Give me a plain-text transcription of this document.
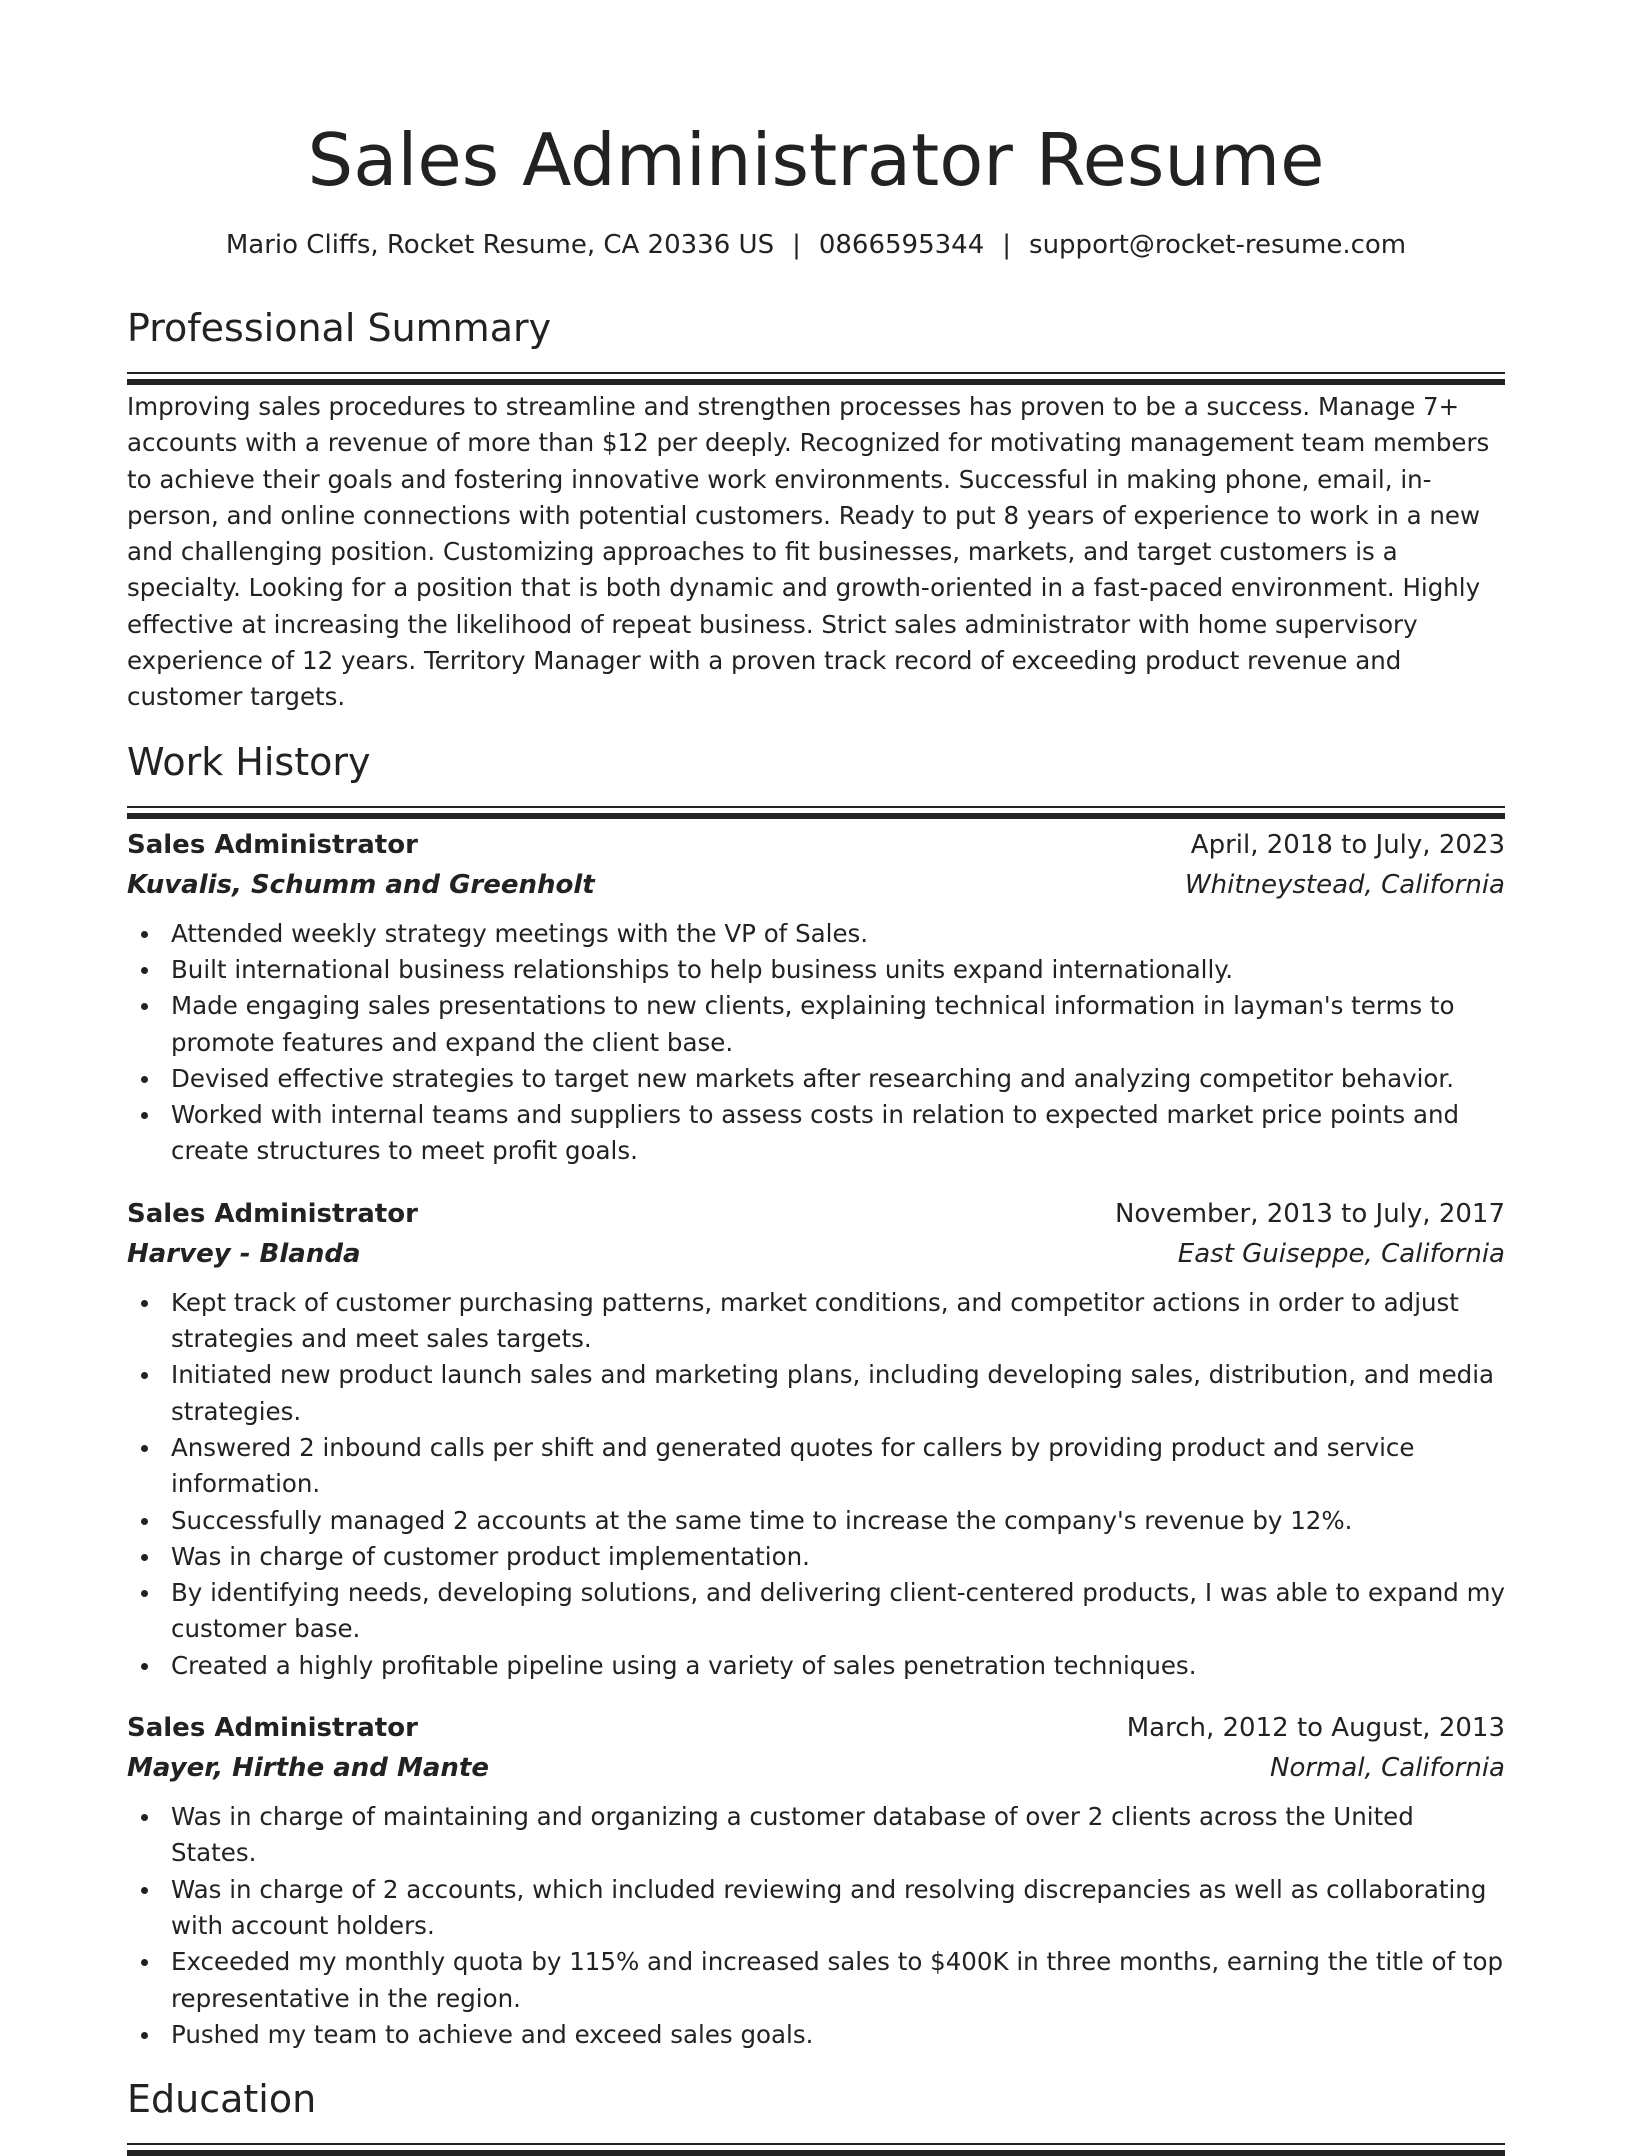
Sales Administrator Resume
Mario Cliffs, Rocket Resume, CA 20336 US | 0866595344 | support@rocket-resume.com
Professional Summary

Improving sales procedures to streamline and strengthen processes has proven to be a success. Manage 7+ accounts with a revenue of more than $12 per deeply. Recognized for motivating management team members to achieve their goals and fostering innovative work environments. Successful in making phone, email, in-person, and online connections with potential customers. Ready to put 8 years of experience to work in a new and challenging position. Customizing approaches to fit businesses, markets, and target customers is a specialty. Looking for a position that is both dynamic and growth-oriented in a fast-paced environment. Highly effective at increasing the likelihood of repeat business. Strict sales administrator with home supervisory experience of 12 years. Territory Manager with a proven track record of exceeding product revenue and customer targets.

Work History
Sales Administrator	April, 2018 to July, 2023
Kuvalis, Schumm and Greenholt	Whitneystead, California
Attended weekly strategy meetings with the VP of Sales.
Built international business relationships to help business units expand internationally.
Made engaging sales presentations to new clients, explaining technical information in layman's terms to promote features and expand the client base.
Devised effective strategies to target new markets after researching and analyzing competitor behavior.
Worked with internal teams and suppliers to assess costs in relation to expected market price points and create structures to meet profit goals.
Sales Administrator	November, 2013 to July, 2017
Harvey - Blanda	East Guiseppe, California
Kept track of customer purchasing patterns, market conditions, and competitor actions in order to adjust strategies and meet sales targets.
Initiated new product launch sales and marketing plans, including developing sales, distribution, and media strategies.
Answered 2 inbound calls per shift and generated quotes for callers by providing product and service information.
Successfully managed 2 accounts at the same time to increase the company's revenue by 12%.
Was in charge of customer product implementation.
By identifying needs, developing solutions, and delivering client-centered products, I was able to expand my customer base.
Created a highly profitable pipeline using a variety of sales penetration techniques.
Sales Administrator	March, 2012 to August, 2013
Mayer, Hirthe and Mante	Normal, California
Was in charge of maintaining and organizing a customer database of over 2 clients across the United States.
Was in charge of 2 accounts, which included reviewing and resolving discrepancies as well as collaborating with account holders.
Exceeded my monthly quota by 115% and increased sales to $400K in three months, earning the title of top representative in the region.
Pushed my team to achieve and exceed sales goals.
Education
